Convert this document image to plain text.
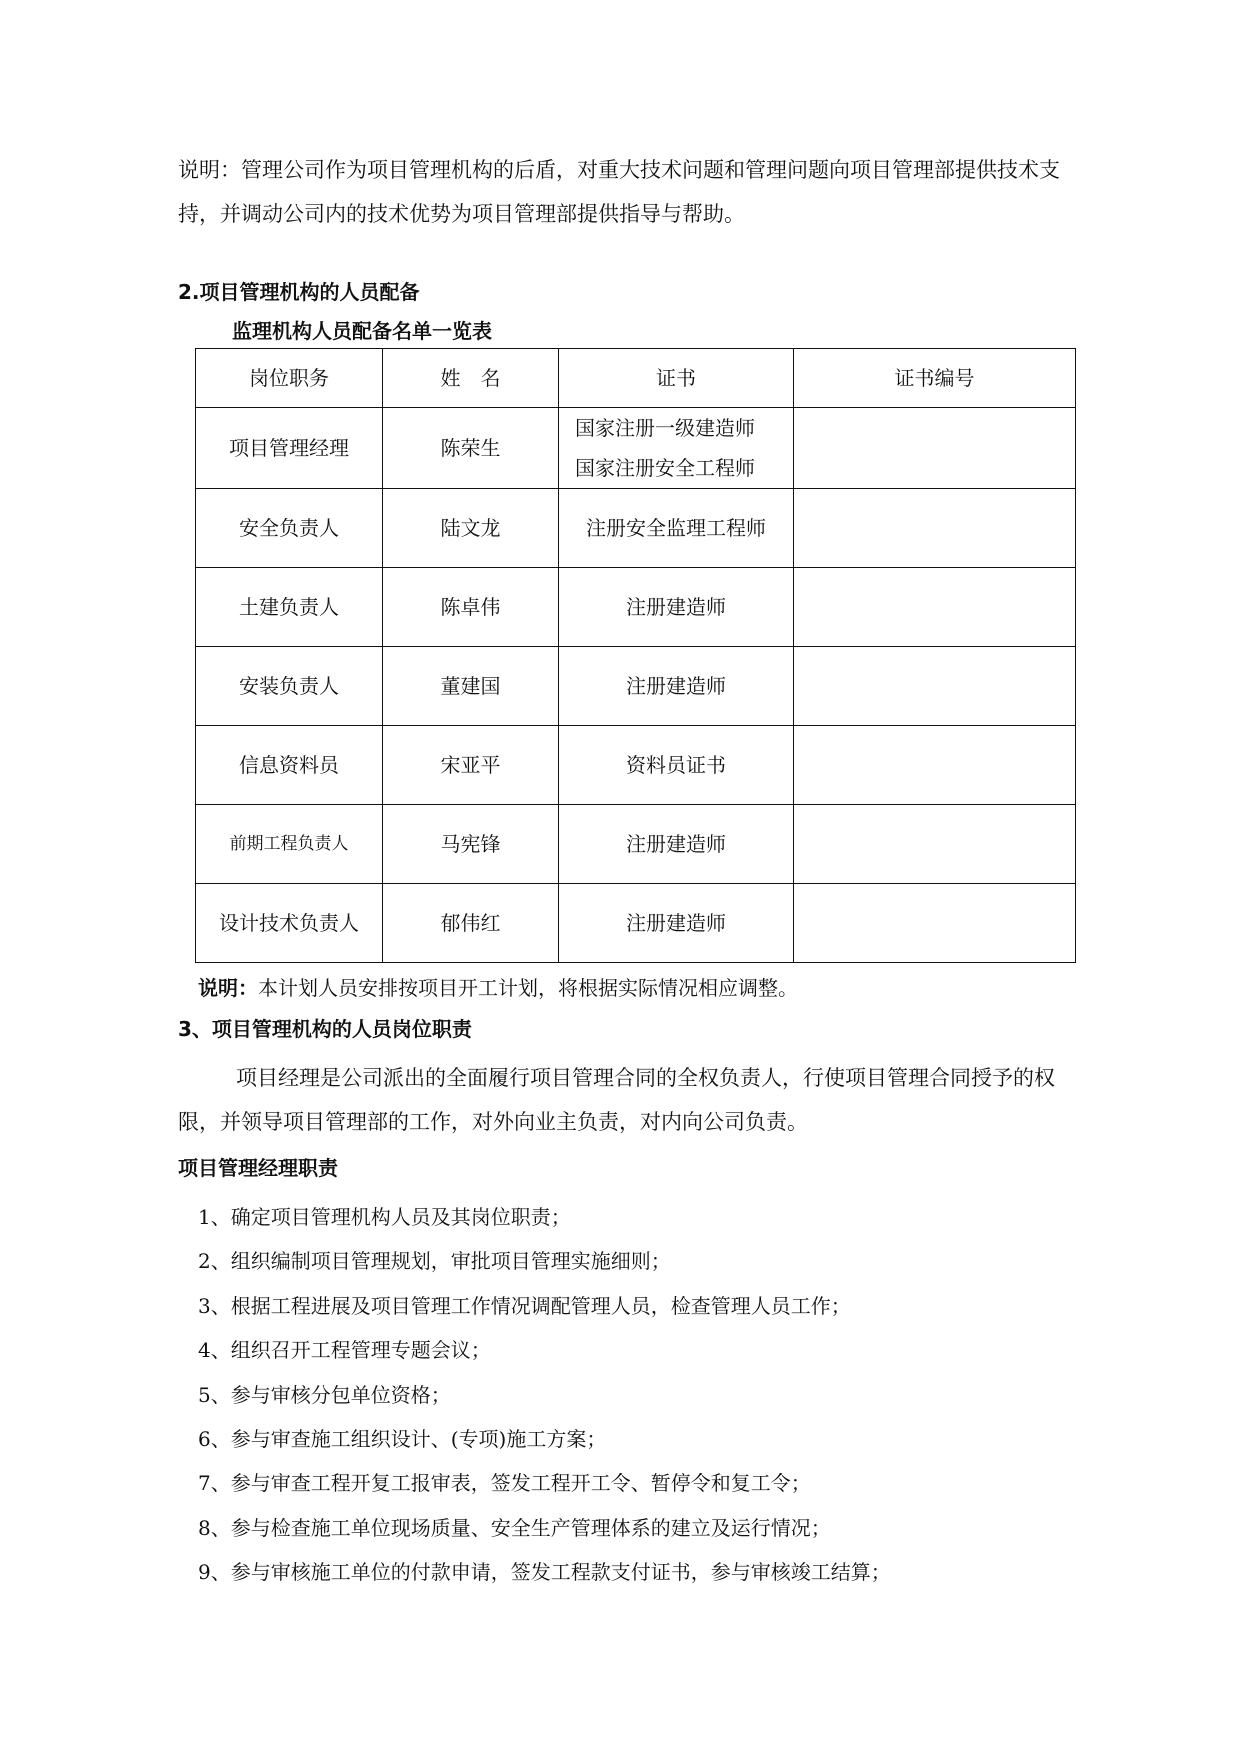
说明：管理公司作为项目管理机构的后盾，对重大技术问题和管理问题向项目管理部提供技术支
持，并调动公司内的技术优势为项目管理部提供指导与帮助。
2.项目管理机构的人员配备
监理机构人员配备名单一览表
岗位职务	姓　名	证书	证书编号
项目管理经理	陈荣生	国家注册一级建造师
国家注册安全工程师	

安全负责人	陆文龙	注册安全监理工程师	
土建负责人	陈卓伟	注册建造师	
安装负责人	董建国	注册建造师	
信息资料员	宋亚平	资料员证书	
前期工程负责人	马宪锋	注册建造师	
设计技术负责人	郁伟红	注册建造师	
说明：本计划人员安排按项目开工计划，将根据实际情况相应调整。
3、项目管理机构的人员岗位职责
项目经理是公司派出的全面履行项目管理合同的全权负责人，行使项目管理合同授予的权限，并领导项目管理部的工作，对外向业主负责，对内向公司负责。
项目管理经理职责
1、确定项目管理机构人员及其岗位职责；
2、组织编制项目管理规划，审批项目管理实施细则；
3、根据工程进展及项目管理工作情况调配管理人员，检查管理人员工作；
4、组织召开工程管理专题会议；
5、参与审核分包单位资格；
6、参与审查施工组织设计、(专项)施工方案；
7、参与审查工程开复工报审表，签发工程开工令、暂停令和复工令；
8、参与检查施工单位现场质量、安全生产管理体系的建立及运行情况；
9、参与审核施工单位的付款申请，签发工程款支付证书，参与审核竣工结算；
